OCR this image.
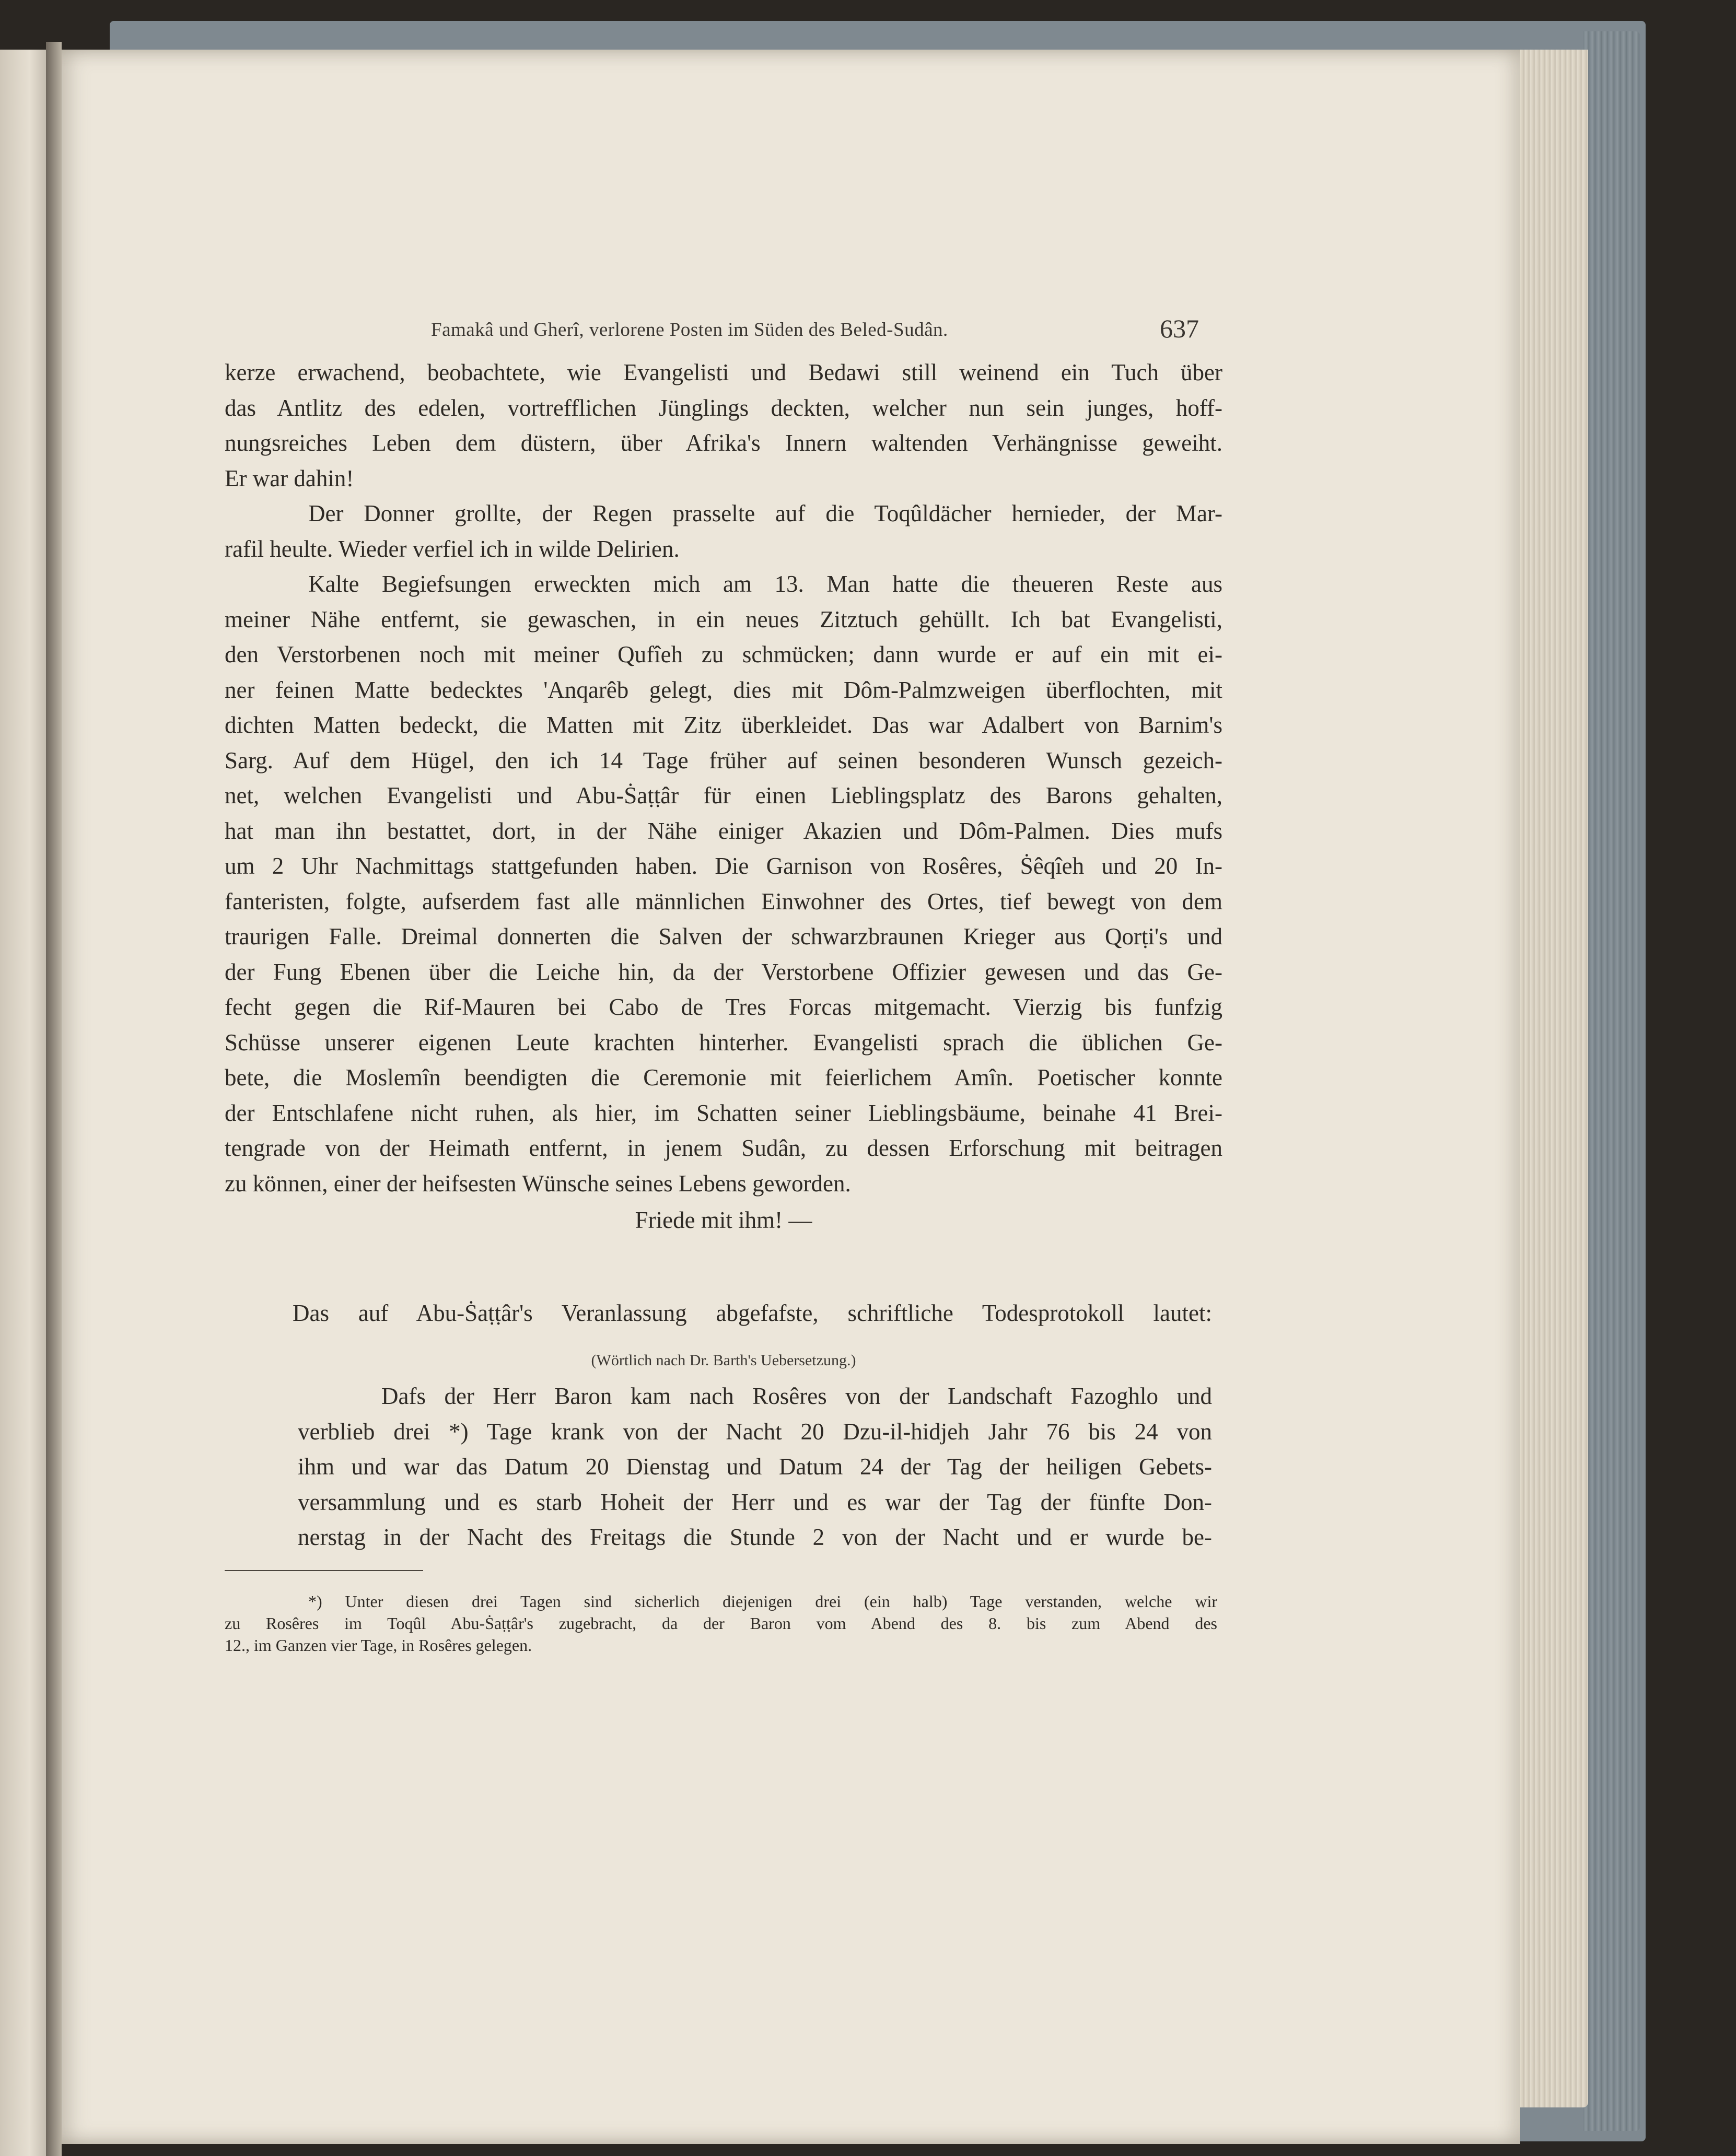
Famakâ und Gherî, verlorene Posten im Süden des Beled-Sudân.	637
kerze erwachend, beobachtete, wie Evangelisti und Bedawi still weinend ein Tuch über
das Antlitz des edelen, vortrefflichen Jünglings deckten, welcher nun sein junges, hoff-
nungsreiches Leben dem düstern, über Afrika's Innern waltenden Verhängnisse geweiht.
Er war dahin!
Der Donner grollte, der Regen prasselte auf die Toqûldächer hernieder, der Mar-
rafil heulte. Wieder verfiel ich in wilde Delirien.
Kalte Begiefsungen erweckten mich am 13. Man hatte die theueren Reste aus
meiner Nähe entfernt, sie gewaschen, in ein neues Zitztuch gehüllt. Ich bat Evangelisti,
den Verstorbenen noch mit meiner Qufîeh zu schmücken; dann wurde er auf ein mit ei-
ner feinen Matte bedecktes 'Anqarêb gelegt, dies mit Dôm-Palmzweigen überflochten, mit
dichten Matten bedeckt, die Matten mit Zitz überkleidet. Das war Adalbert von Barnim's
Sarg. Auf dem Hügel, den ich 14 Tage früher auf seinen besonderen Wunsch gezeich-
net, welchen Evangelisti und Abu-Ṡaṭṭâr für einen Lieblingsplatz des Barons gehalten,
hat man ihn bestattet, dort, in der Nähe einiger Akazien und Dôm-Palmen. Dies mufs
um 2 Uhr Nachmittags stattgefunden haben. Die Garnison von Rosêres, Ṡêqîeh und 20 In-
fanteristen, folgte, aufserdem fast alle männlichen Einwohner des Ortes, tief bewegt von dem
traurigen Falle. Dreimal donnerten die Salven der schwarzbraunen Krieger aus Qorṭi's und
der Fung Ebenen über die Leiche hin, da der Verstorbene Offizier gewesen und das Ge-
fecht gegen die Rif-Mauren bei Cabo de Tres Forcas mitgemacht. Vierzig bis funfzig
Schüsse unserer eigenen Leute krachten hinterher. Evangelisti sprach die üblichen Ge-
bete, die Moslemîn beendigten die Ceremonie mit feierlichem Amîn. Poetischer konnte
der Entschlafene nicht ruhen, als hier, im Schatten seiner Lieblingsbäume, beinahe 41 Brei-
tengrade von der Heimath entfernt, in jenem Sudân, zu dessen Erforschung mit beitragen
zu können, einer der heifsesten Wünsche seines Lebens geworden.
Friede mit ihm! —
Das auf Abu-Ṡaṭṭâr's Veranlassung abgefafste, schriftliche Todesprotokoll lautet:
(Wörtlich nach Dr. Barth's Uebersetzung.)
Dafs der Herr Baron kam nach Rosêres von der Landschaft Fazoghlo und
verblieb drei *) Tage krank von der Nacht 20 Dzu-il-hidjeh Jahr 76 bis 24 von
ihm und war das Datum 20 Dienstag und Datum 24 der Tag der heiligen Gebets-
versammlung und es starb Hoheit der Herr und es war der Tag der fünfte Don-
nerstag in der Nacht des Freitags die Stunde 2 von der Nacht und er wurde be-
*) Unter diesen drei Tagen sind sicherlich diejenigen drei (ein halb) Tage verstanden, welche wir
zu Rosêres im Toqûl Abu-Ṡaṭṭâr's zugebracht, da der Baron vom Abend des 8. bis zum Abend des
12., im Ganzen vier Tage, in Rosêres gelegen.
